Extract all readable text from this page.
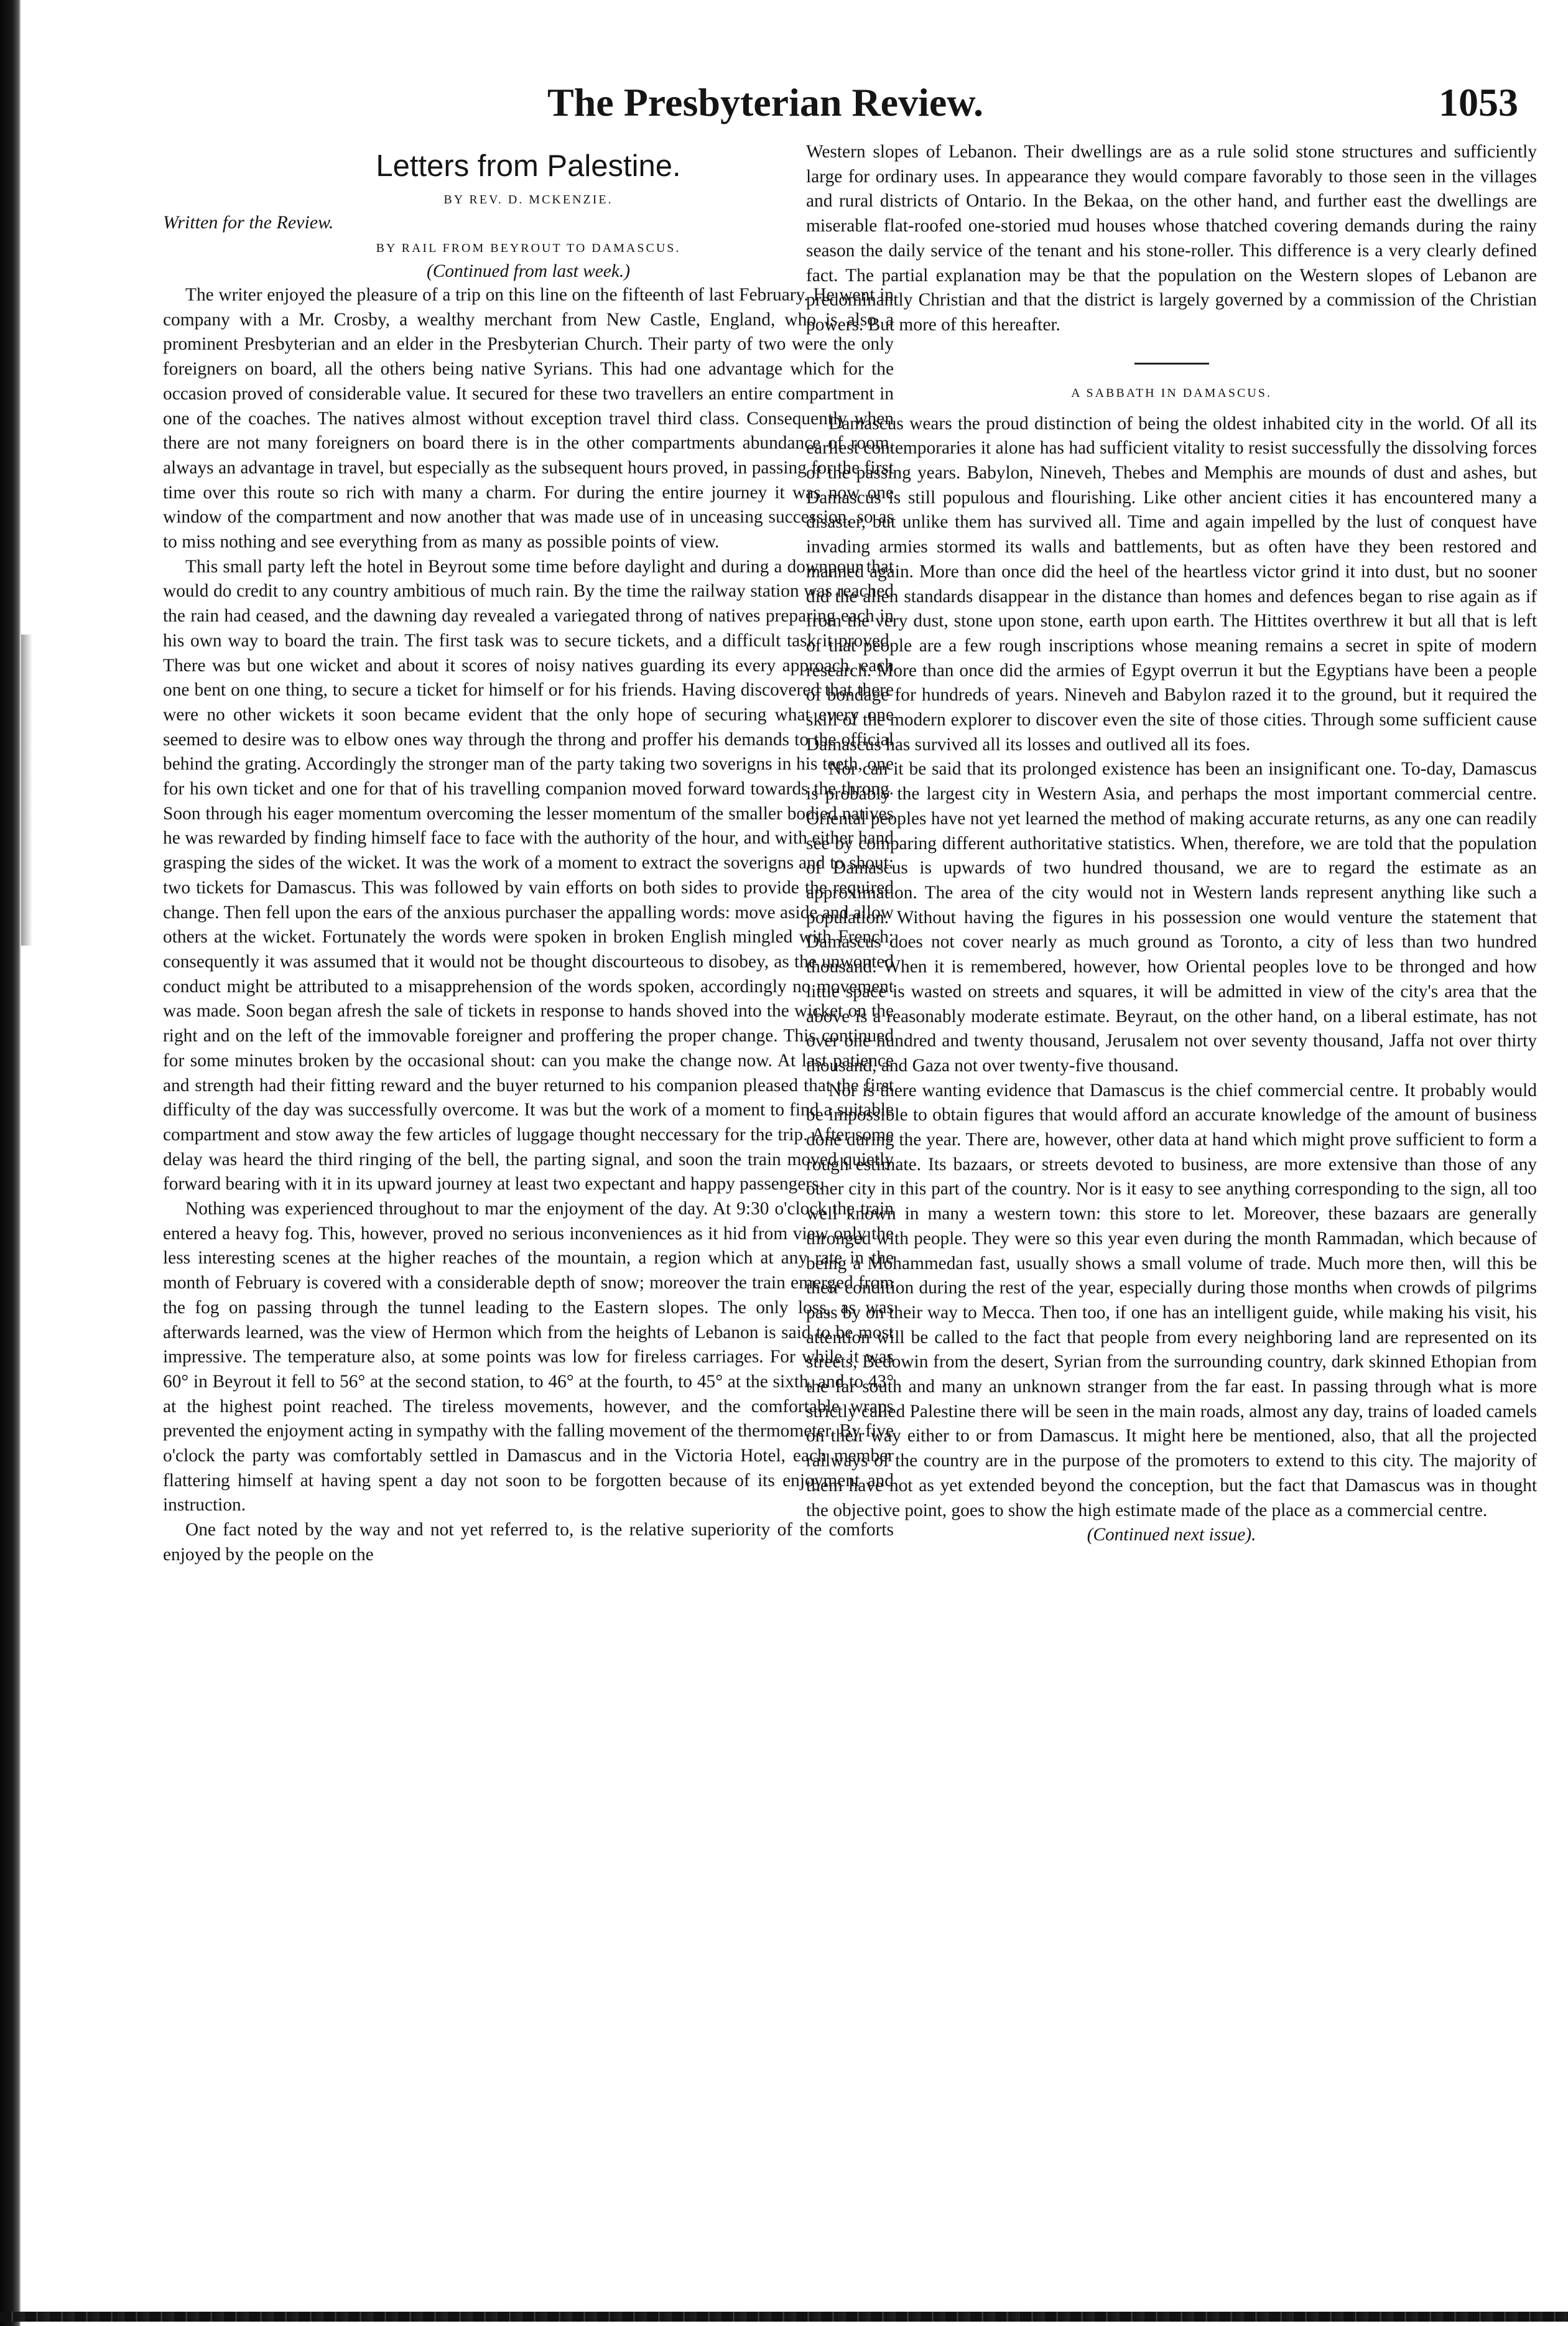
The Presbyterian Review.	1053
Letters from Palestine.
BY REV. D. MCKENZIE.
Written for the Review.
BY RAIL FROM BEYROUT TO DAMASCUS.
(Continued from last week.)

The writer enjoyed the pleasure of a trip on this line on the fifteenth of last February. He went in company with a Mr. Crosby, a wealthy merchant from New Castle, England, who is also a prominent Presbyterian and an elder in the Presbyterian Church. Their party of two were the only foreigners on board, all the others being native Syrians. This had one advantage which for the occasion proved of considerable value. It secured for these two travellers an entire compartment in one of the coaches. The natives almost without exception travel third class. Consequently when there are not many foreigners on board there is in the other compartments abundance of room, always an advantage in travel, but especially as the subsequent hours proved, in passing for the first time over this route so rich with many a charm. For during the entire journey it was now one window of the compartment and now another that was made use of in unceasing succession, so as to miss nothing and see everything from as many as possible points of view.

This small party left the hotel in Beyrout some time before daylight and during a downpour that would do credit to any country ambitious of much rain. By the time the railway station was reached the rain had ceased, and the dawning day revealed a variegated throng of natives preparing each in his own way to board the train. The first task was to secure tickets, and a difficult task it proved. There was but one wicket and about it scores of noisy natives guarding its every approach, each one bent on one thing, to secure a ticket for himself or for his friends. Having discovered that there were no other wickets it soon became evident that the only hope of securing what every one seemed to desire was to elbow ones way through the throng and proffer his demands to the official behind the grating. Accordingly the stronger man of the party taking two soverigns in his teeth, one for his own ticket and one for that of his travelling companion moved forward towards the throng. Soon through his eager momentum overcoming the lesser momentum of the smaller bodied natives he was rewarded by finding himself face to face with the authority of the hour, and with either hand grasping the sides of the wicket. It was the work of a moment to extract the soverigns and to shout: two tickets for Damascus. This was followed by vain efforts on both sides to provide the required change. Then fell upon the ears of the anxious purchaser the appalling words: move aside and allow others at the wicket. Fortunately the words were spoken in broken English mingled with French; consequently it was assumed that it would not be thought discourteous to disobey, as the unwonted conduct might be attributed to a misapprehension of the words spoken, accordingly no movement was made. Soon began afresh the sale of tickets in response to hands shoved into the wicket on the right and on the left of the immovable foreigner and proffering the proper change. This continued for some minutes broken by the occasional shout: can you make the change now. At last patience and strength had their fitting reward and the buyer returned to his companion pleased that the first difficulty of the day was successfully overcome. It was but the work of a moment to find a suitable compartment and stow away the few articles of luggage thought neccessary for the trip. After some delay was heard the third ringing of the bell, the parting signal, and soon the train moved quietly forward bearing with it in its upward journey at least two expectant and happy passengers.

Nothing was experienced throughout to mar the enjoyment of the day. At 9:30 o'clock the train entered a heavy fog. This, however, proved no serious inconveniences as it hid from view only the less interesting scenes at the higher reaches of the mountain, a region which at any rate in the month of February is covered with a considerable depth of snow; moreover the train emerged from the fog on passing through the tunnel leading to the Eastern slopes. The only loss, as was afterwards learned, was the view of Hermon which from the heights of Lebanon is said to be most impressive. The temperature also, at some points was low for fireless carriages. For while it was 60° in Beyrout it fell to 56° at the second station, to 46° at the fourth, to 45° at the sixth, and to 43° at the highest point reached. The tireless movements, however, and the comfortable wraps prevented the enjoyment acting in sympathy with the falling movement of the thermometer. By five o'clock the party was comfortably settled in Damascus and in the Victoria Hotel, each member flattering himself at having spent a day not soon to be forgotten because of its enjoyment and instruction.

One fact noted by the way and not yet referred to, is the relative superiority of the comforts enjoyed by the people on the

Western slopes of Lebanon. Their dwellings are as a rule solid stone structures and sufficiently large for ordinary uses. In appearance they would compare favorably to those seen in the villages and rural districts of Ontario. In the Bekaa, on the other hand, and further east the dwellings are miserable flat-roofed one-storied mud houses whose thatched covering demands during the rainy season the daily service of the tenant and his stone-roller. This difference is a very clearly defined fact. The partial explanation may be that the population on the Western slopes of Lebanon are predominantly Christian and that the district is largely governed by a commission of the Christian powers. But more of this hereafter.

A SABBATH IN DAMASCUS.

Damascus wears the proud distinction of being the oldest inhabited city in the world. Of all its earliest contemporaries it alone has had sufficient vitality to resist successfully the dissolving forces of the passing years. Babylon, Nineveh, Thebes and Memphis are mounds of dust and ashes, but Damascus is still populous and flourishing. Like other ancient cities it has encountered many a disaster, but unlike them has survived all. Time and again impelled by the lust of conquest have invading armies stormed its walls and battlements, but as often have they been restored and manned again. More than once did the heel of the heartless victor grind it into dust, but no sooner did the alien standards disappear in the distance than homes and defences began to rise again as if from the very dust, stone upon stone, earth upon earth. The Hittites overthrew it but all that is left of that people are a few rough inscriptions whose meaning remains a secret in spite of modern research. More than once did the armies of Egypt overrun it but the Egyptians have been a people of bondage for hundreds of years. Nineveh and Babylon razed it to the ground, but it required the skill of the modern explorer to discover even the site of those cities. Through some sufficient cause Damascus has survived all its losses and outlived all its foes.

Nor can it be said that its prolonged existence has been an insignificant one. To-day, Damascus is probably the largest city in Western Asia, and perhaps the most important commercial centre. Oriental peoples have not yet learned the method of making accurate returns, as any one can readily see by comparing different authoritative statistics. When, therefore, we are told that the population of Damascus is upwards of two hundred thousand, we are to regard the estimate as an approximation. The area of the city would not in Western lands represent anything like such a population. Without having the figures in his possession one would venture the statement that Damascus does not cover nearly as much ground as Toronto, a city of less than two hundred thousand. When it is remembered, however, how Oriental peoples love to be thronged and how little space is wasted on streets and squares, it will be admitted in view of the city's area that the above is a reasonably moderate estimate. Beyraut, on the other hand, on a liberal estimate, has not over one hundred and twenty thousand, Jerusalem not over seventy thousand, Jaffa not over thirty thousand, and Gaza not over twenty-five thousand.

Nor is there wanting evidence that Damascus is the chief commercial centre. It probably would be impossible to obtain figures that would afford an accurate knowledge of the amount of business done during the year. There are, however, other data at hand which might prove sufficient to form a rough estimate. Its bazaars, or streets devoted to business, are more extensive than those of any other city in this part of the country. Nor is it easy to see anything corresponding to the sign, all too well known in many a western town: this store to let. Moreover, these bazaars are generally thronged with people. They were so this year even during the month Rammadan, which because of being a Mohammedan fast, usually shows a small volume of trade. Much more then, will this be their condition during the rest of the year, especially during those months when crowds of pilgrims pass by on their way to Mecca. Then too, if one has an intelligent guide, while making his visit, his attention will be called to the fact that people from every neighboring land are represented on its streets, Bedowin from the desert, Syrian from the surrounding country, dark skinned Ethopian from the far south and many an unknown stranger from the far east. In passing through what is more strictly called Palestine there will be seen in the main roads, almost any day, trains of loaded camels on their way either to or from Damascus. It might here be mentioned, also, that all the projected railways of the country are in the purpose of the promoters to extend to this city. The majority of them have not as yet extended beyond the conception, but the fact that Damascus was in thought the objective point, goes to show the high estimate made of the place as a commercial centre.

(Continued next issue).
